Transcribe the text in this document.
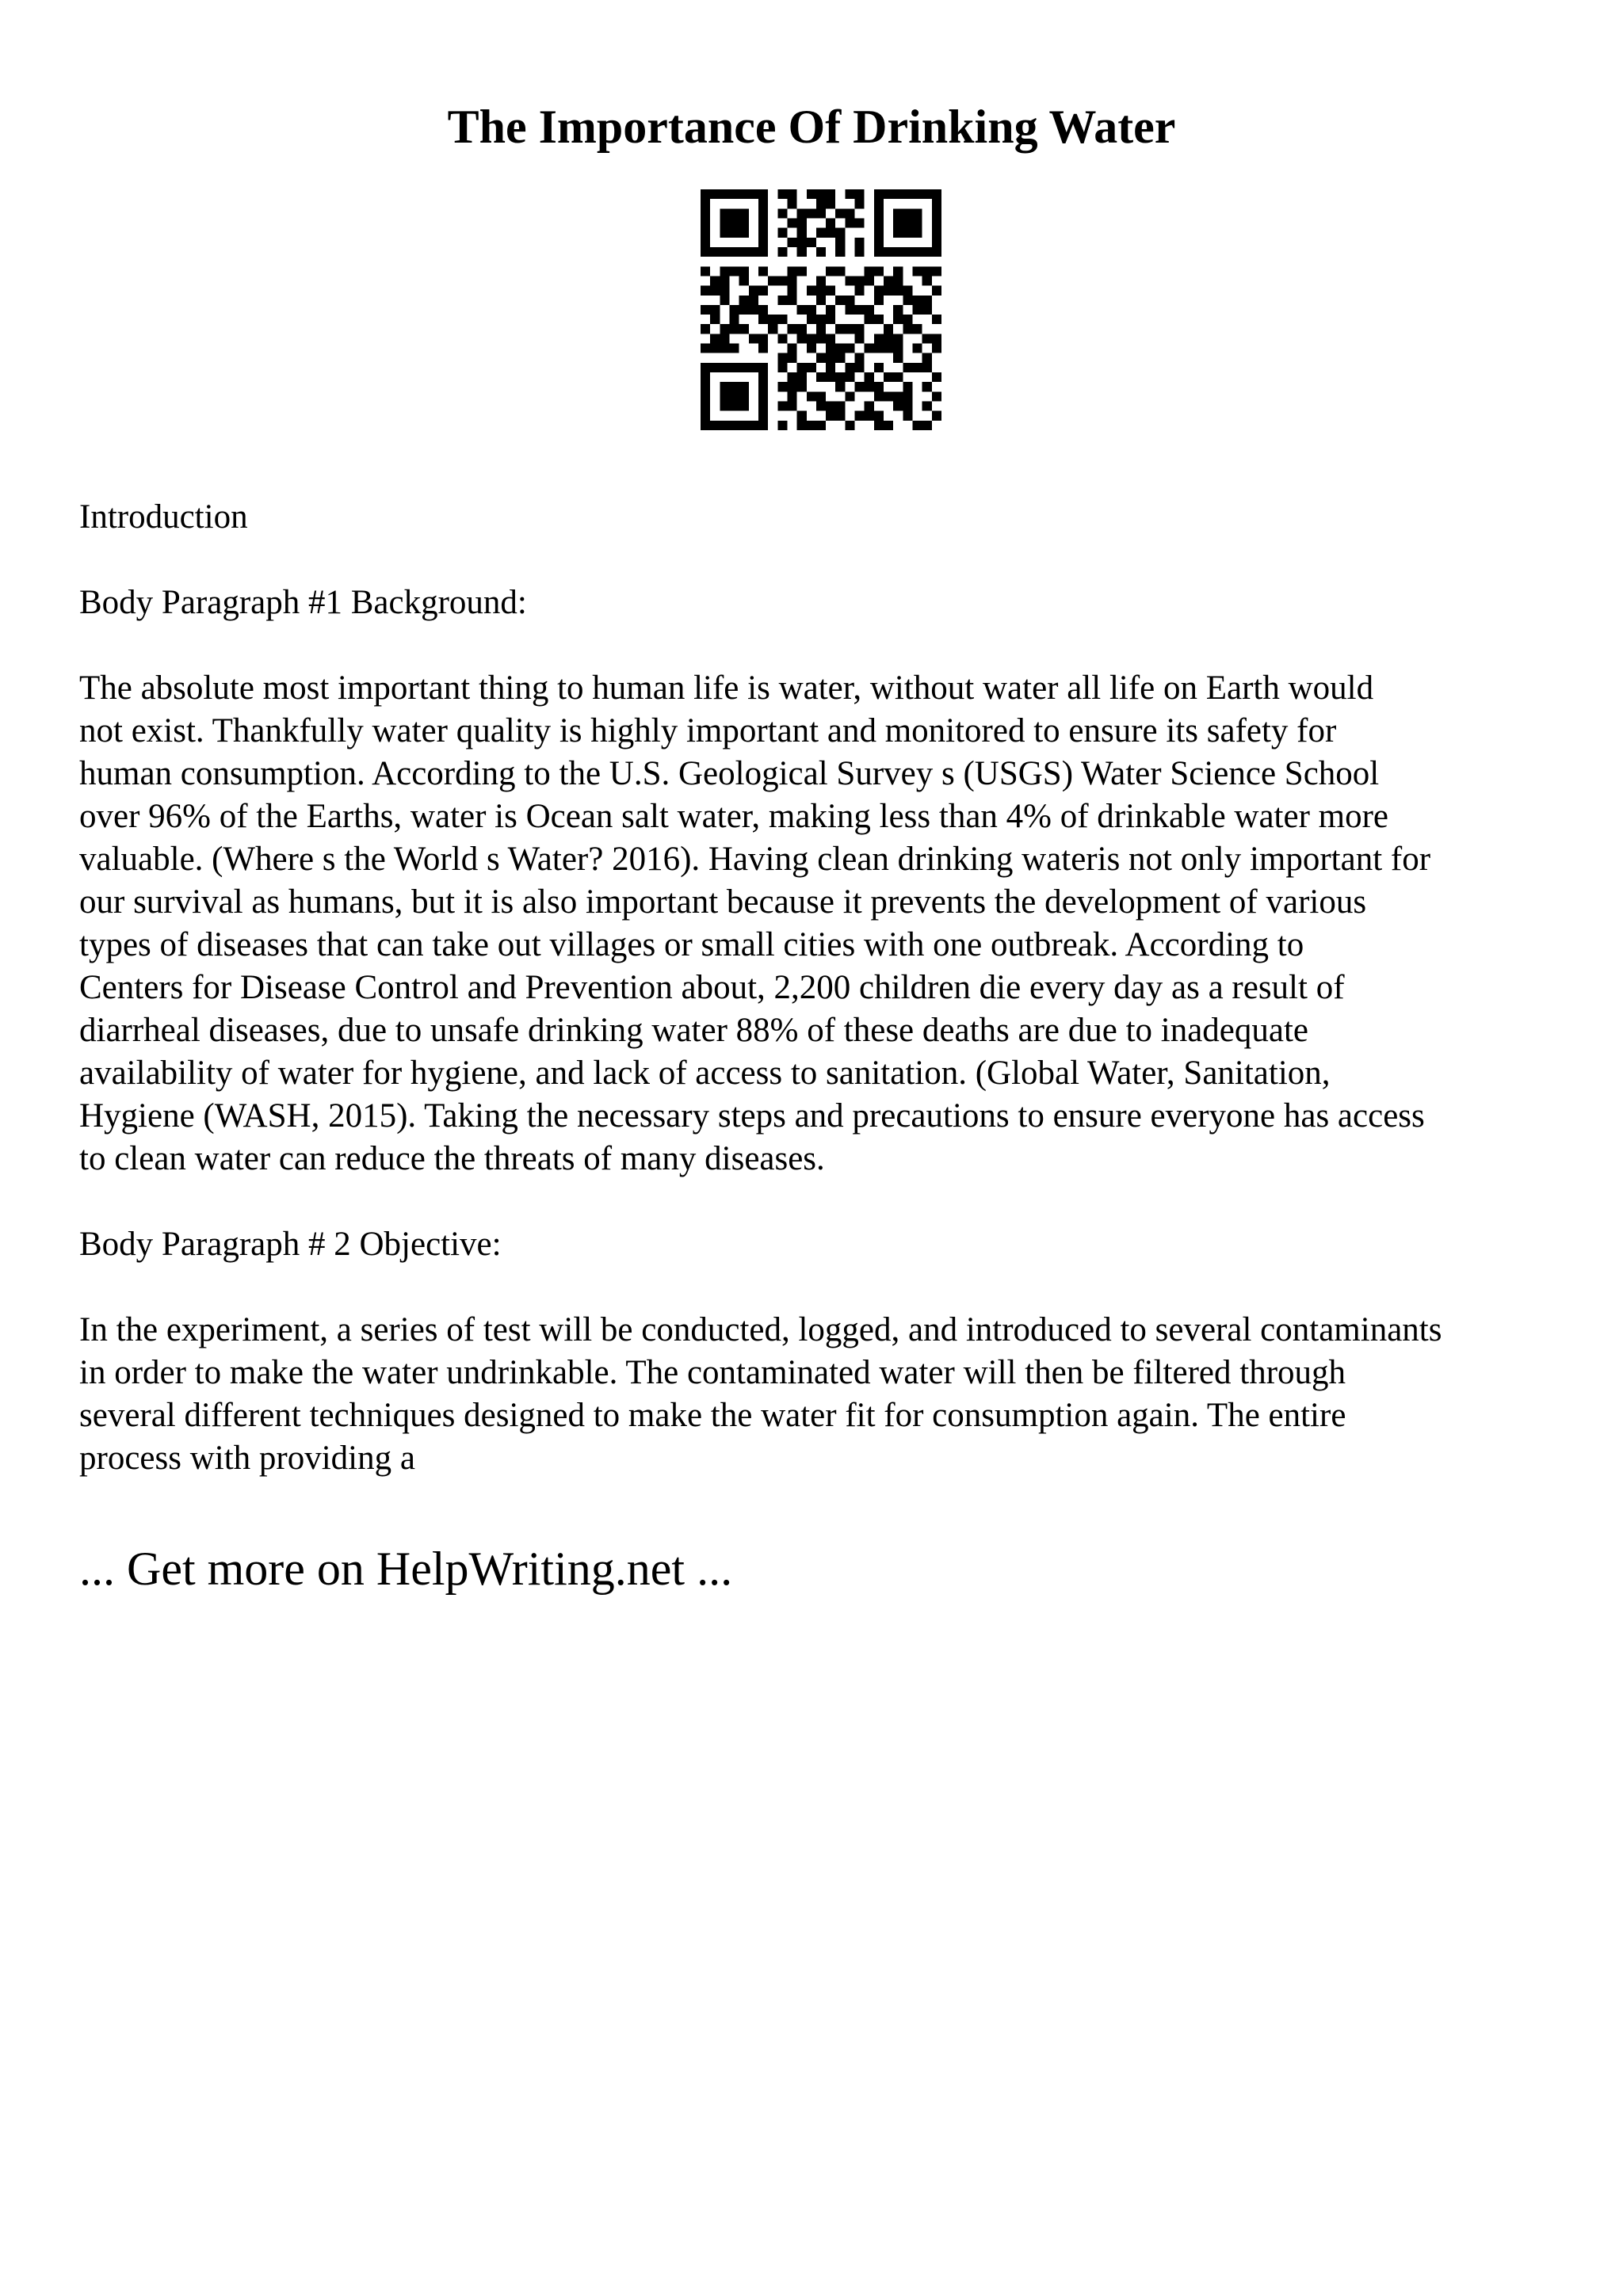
The Importance Of Drinking Water

Introduction

Body Paragraph #1 Background:

The absolute most important thing to human life is water, without water all life on Earth would

not exist. Thankfully water quality is highly important and monitored to ensure its safety for

human consumption. According to the U.S. Geological Survey s (USGS) Water Science School

over 96% of the Earths, water is Ocean salt water, making less than 4% of drinkable water more

valuable. (Where s the World s Water? 2016). Having clean drinking wateris not only important for

our survival as humans, but it is also important because it prevents the development of various

types of diseases that can take out villages or small cities with one outbreak. According to

Centers for Disease Control and Prevention about, 2,200 children die every day as a result of

diarrheal diseases, due to unsafe drinking water 88% of these deaths are due to inadequate

availability of water for hygiene, and lack of access to sanitation. (Global Water, Sanitation,

Hygiene (WASH, 2015). Taking the necessary steps and precautions to ensure everyone has access

to clean water can reduce the threats of many diseases.

Body Paragraph # 2 Objective:

In the experiment, a series of test will be conducted, logged, and introduced to several contaminants

in order to make the water undrinkable. The contaminated water will then be filtered through

several different techniques designed to make the water fit for consumption again. The entire

process with providing a

... Get more on HelpWriting.net ...
